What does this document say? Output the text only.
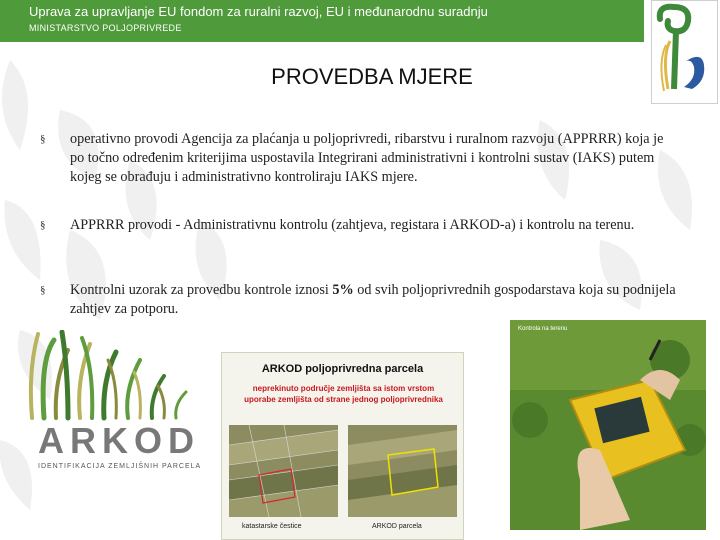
Uprava za upravljanje EU fondom za ruralni razvoj, EU i međunarodnu suradnju
MINISTARSTVO POLJOPRIVREDE
PROVEDBA MJERE
§ operativno provodi Agencija za plaćanja u poljoprivredi, ribarstvu i ruralnom razvoju (APPRRR) koja je po točno određenim kriterijima uspostavila Integrirani administrativni i kontrolni sustav (IAKS) putem kojeg se obrađuju i administrativno kontroliraju IAKS mjere.
§ APPRRR provodi - Administrativnu kontrolu (zahtjeva, registara i ARKOD-a) i kontrolu na terenu.
§ Kontrolni uzorak za provedbu kontrole iznosi 5% od svih poljoprivrednih gospodarstava koja su podnijela zahtjev za potporu.
ARKOD
IDENTIFIKACIJA ZEMLJIŠNIH PARCELA
ARKOD poljoprivredna parcela
neprekinuto područje zemljišta sa istom vrstom uporabe zemljišta od strane jednog poljoprivrednika
katastarske čestice	ARKOD parcela
Kontrola na terenu
